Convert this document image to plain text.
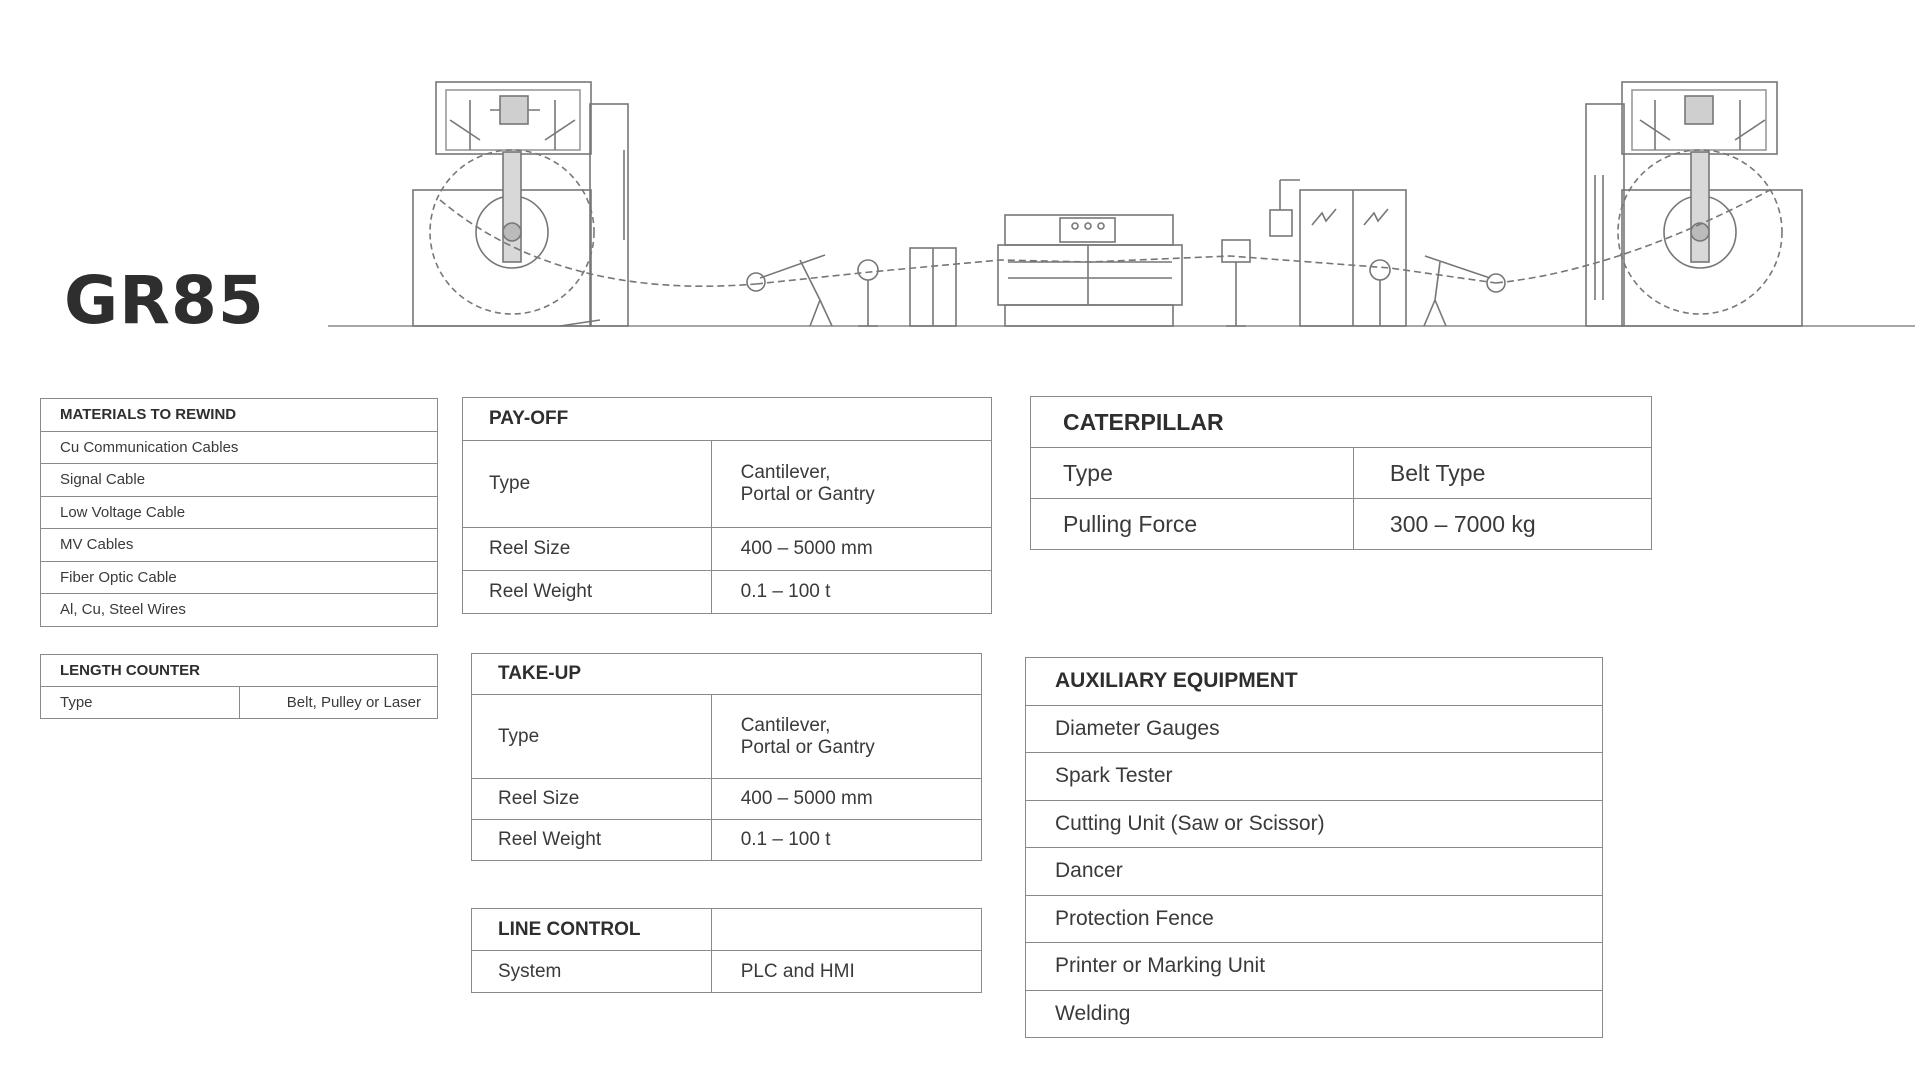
GR85
MATERIALS TO REWIND
Cu Communication Cables
Signal Cable
Low Voltage Cable
MV Cables
Fiber Optic Cable
Al, Cu, Steel Wires
LENGTH COUNTER
Type	Belt, Pulley or Laser
PAY-OFF	
Type	Cantilever,
Portal or Gantry

Reel Size	400 – 5000 mm
Reel Weight	0.1 – 100 t
TAKE-UP	
Type	Cantilever,
Portal or Gantry

Reel Size	400 – 5000 mm
Reel Weight	0.1 – 100 t
LINE CONTROL	
System	PLC and HMI
CATERPILLAR	
Type	Belt Type
Pulling Force	300 – 7000 kg
AUXILIARY EQUIPMENT
Diameter Gauges
Spark Tester
Cutting Unit (Saw or Scissor)
Dancer
Protection Fence
Printer or Marking Unit
Welding
